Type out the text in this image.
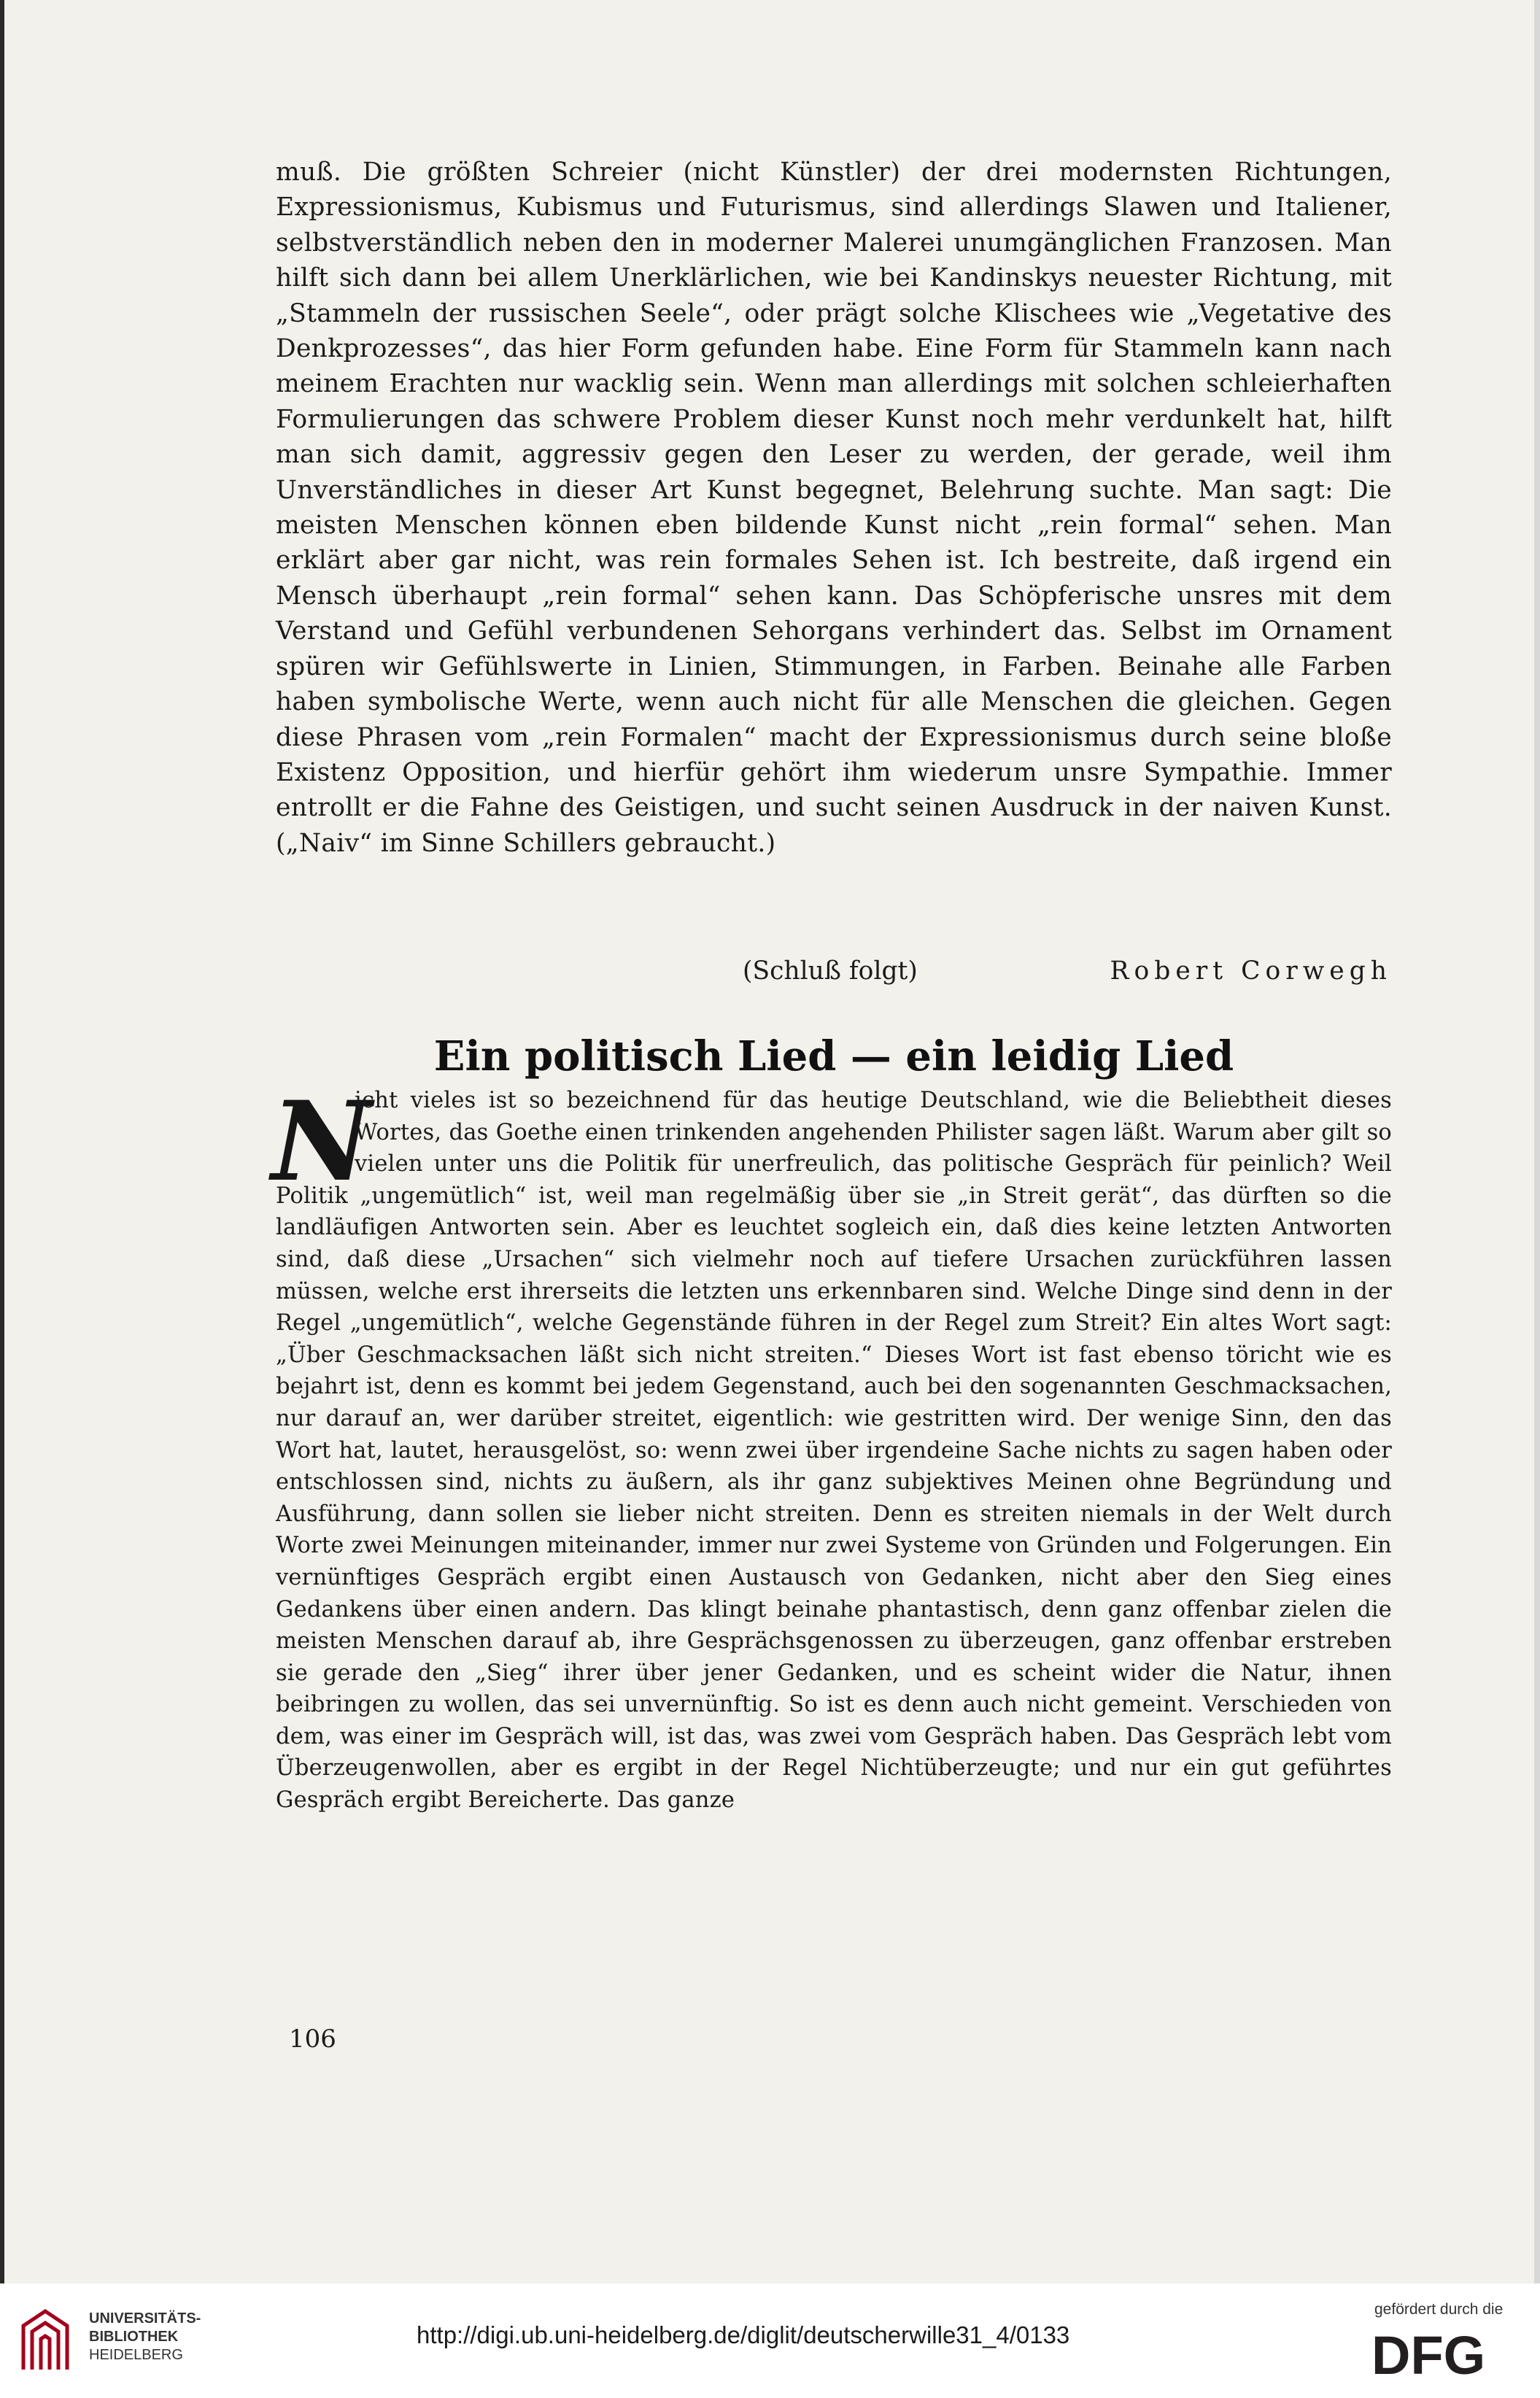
muß. Die größten Schreier (nicht Künstler) der drei modernsten Richtungen, Expressionismus, Kubismus und Futurismus, sind allerdings Slawen und Italiener, selbstverständlich neben den in moderner Malerei unumgänglichen Franzosen. Man hilft sich dann bei allem Unerklärlichen, wie bei Kandinskys neuester Richtung, mit „Stammeln der russischen Seele“, oder prägt solche Klischees wie „Vegetative des Denkprozesses“, das hier Form gefunden habe. Eine Form für Stammeln kann nach meinem Erachten nur wacklig sein. Wenn man allerdings mit solchen schleierhaften Formulierungen das schwere Problem dieser Kunst noch mehr verdunkelt hat, hilft man sich damit, aggressiv gegen den Leser zu werden, der gerade, weil ihm Unverständliches in dieser Art Kunst begegnet, Belehrung suchte. Man sagt: Die meisten Menschen können eben bildende Kunst nicht „rein formal“ sehen. Man erklärt aber gar nicht, was rein formales Sehen ist. Ich bestreite, daß irgend ein Mensch überhaupt „rein formal“ sehen kann. Das Schöpferische unsres mit dem Verstand und Gefühl verbundenen Sehorgans verhindert das. Selbst im Ornament spüren wir Gefühlswerte in Linien, Stimmungen, in Farben. Beinahe alle Farben haben symbolische Werte, wenn auch nicht für alle Menschen die gleichen. Gegen diese Phrasen vom „rein Formalen“ macht der Expressionismus durch seine bloße Existenz Opposition, und hierfür gehört ihm wiederum unsre Sympathie. Immer entrollt er die Fahne des Geistigen, und sucht seinen Ausdruck in der naiven Kunst. („Naiv“ im Sinne Schillers gebraucht.)

(Schluß folgt)	Robert Corwegh
Ein politisch Lied — ein leidig Lied
N

icht vieles ist so bezeichnend für das heutige Deutschland, wie die Beliebtheit dieses Wortes, das Goethe einen trinkenden angehenden Philister sagen läßt. Warum aber gilt so vielen unter uns die Politik für unerfreulich, das politische Gespräch für peinlich? Weil Politik „ungemütlich“ ist, weil man regelmäßig über sie „in Streit gerät“, das dürften so die landläufigen Antworten sein. Aber es leuchtet sogleich ein, daß dies keine letzten Antworten sind, daß diese „Ursachen“ sich vielmehr noch auf tiefere Ursachen zurückführen lassen müssen, welche erst ihrerseits die letzten uns erkennbaren sind. Welche Dinge sind denn in der Regel „ungemütlich“, welche Gegenstände führen in der Regel zum Streit? Ein altes Wort sagt: „Über Geschmacksachen läßt sich nicht streiten.“ Dieses Wort ist fast ebenso töricht wie es bejahrt ist, denn es kommt bei jedem Gegenstand, auch bei den sogenannten Geschmacksachen, nur darauf an, wer darüber streitet, eigentlich: wie gestritten wird. Der wenige Sinn, den das Wort hat, lautet, herausgelöst, so: wenn zwei über irgendeine Sache nichts zu sagen haben oder entschlossen sind, nichts zu äußern, als ihr ganz subjektives Meinen ohne Begründung und Ausführung, dann sollen sie lieber nicht streiten. Denn es streiten niemals in der Welt durch Worte zwei Meinungen miteinander, immer nur zwei Systeme von Gründen und Folgerungen. Ein vernünftiges Gespräch ergibt einen Austausch von Gedanken, nicht aber den Sieg eines Gedankens über einen andern. Das klingt beinahe phantastisch, denn ganz offenbar zielen die meisten Menschen darauf ab, ihre Gesprächsgenossen zu überzeugen, ganz offenbar erstreben sie gerade den „Sieg“ ihrer über jener Gedanken, und es scheint wider die Natur, ihnen beibringen zu wollen, das sei unvernünftig. So ist es denn auch nicht gemeint. Verschieden von dem, was einer im Gespräch will, ist das, was zwei vom Gespräch haben. Das Gespräch lebt vom Überzeugenwollen, aber es ergibt in der Regel Nichtüberzeugte; und nur ein gut geführtes Gespräch ergibt Bereicherte. Das ganze

106
UNIVERSITÄTS-
BIBLIOTHEK
HEIDELBERG
http://digi.ub.uni-heidelberg.de/diglit/deutscherwille31_4/0133
gefördert durch die
DFG
